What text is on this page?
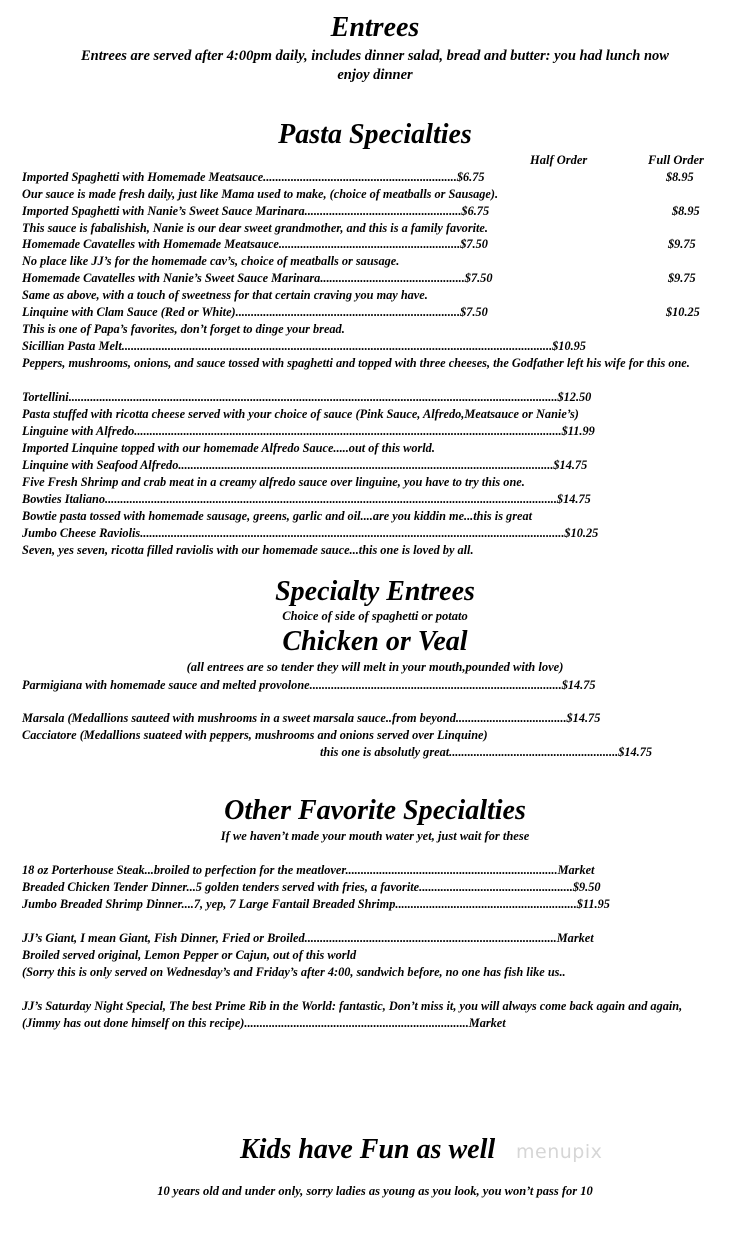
Entrees
Entrees are served after 4:00pm daily, includes dinner salad, bread and butter: you had lunch now
enjoy dinner
Pasta Specialties
Half Order	Full Order
Imported Spaghetti with Homemade Meatsauce...............................................................$6.75	$8.95
Our sauce is made fresh daily, just like Mama used to make, (choice of meatballs or Sausage).
Imported Spaghetti with Nanie’s Sweet Sauce Marinara...................................................$6.75	$8.95
This sauce is fabalishish, Nanie is our dear sweet grandmother, and this is a family favorite.
Homemade Cavatelles with Homemade Meatsauce...........................................................$7.50	$9.75
No place like JJ’s for the homemade cav’s, choice of meatballs or sausage.
Homemade Cavatelles with Nanie’s Sweet Sauce Marinara...............................................$7.50	$9.75
Same as above, with a touch of sweetness for that certain craving you may have.
Linquine with Clam Sauce (Red or White).........................................................................$7.50	$10.25
This is one of Papa’s favorites, don’t forget to dinge your bread.
Sicillian Pasta Melt............................................................................................................................................$10.95
Peppers, mushrooms, onions, and sauce tossed with spaghetti and topped with three cheeses, the Godfather left his wife for this one.
Tortellini...............................................................................................................................................................$12.50
Pasta stuffed with ricotta cheese served with your choice of sauce (Pink Sauce, Alfredo,Meatsauce or Nanie’s)
Linguine with Alfredo...........................................................................................................................................$11.99
Imported Linquine topped with our homemade Alfredo Sauce.....out of this world.
Linquine with Seafood Alfredo..........................................................................................................................$14.75
Five Fresh Shrimp and crab meat in a creamy alfredo sauce over linguine, you have to try this one.
Bowties Italiano...................................................................................................................................................$14.75
Bowtie pasta tossed with homemade sausage, greens, garlic and oil....are you kiddin me...this is great
Jumbo Cheese Raviolis..........................................................................................................................................$10.25
Seven, yes seven, ricotta filled raviolis with our homemade sauce...this one is loved by all.
Specialty Entrees
Choice of side of spaghetti or potato
Chicken or Veal
(all entrees are so tender they will melt in your mouth,pounded with love)
Parmigiana with homemade sauce and melted provolone..................................................................................$14.75
Marsala (Medallions sauteed with mushrooms in a sweet marsala sauce..from beyond....................................$14.75
Cacciatore (Medallions suateed with peppers, mushrooms and onions served over Linquine)
this one is absolutly great.......................................................$14.75
Other Favorite Specialties
If we haven’t made your mouth water yet, just wait for these
18 oz Porterhouse Steak...broiled to perfection for the meatlover.....................................................................Market
Breaded Chicken Tender Dinner...5 golden tenders served with fries, a favorite..................................................$9.50
Jumbo Breaded Shrimp Dinner....7, yep, 7 Large Fantail Breaded Shrimp...........................................................$11.95
JJ’s Giant, I mean Giant, Fish Dinner, Fried or Broiled..................................................................................Market
Broiled served original, Lemon Pepper or Cajun, out of this world
(Sorry this is only served on Wednesday’s and Friday’s after 4:00, sandwich before, no one has fish like us..
JJ’s Saturday Night Special, The best Prime Rib in the World: fantastic, Don’t miss it, you will always come back again and again, (Jimmy has out done himself on this recipe).........................................................................Market
Kids have Fun as well menupix
10 years old and under only, sorry ladies as young as you look, you won’t pass for 10
